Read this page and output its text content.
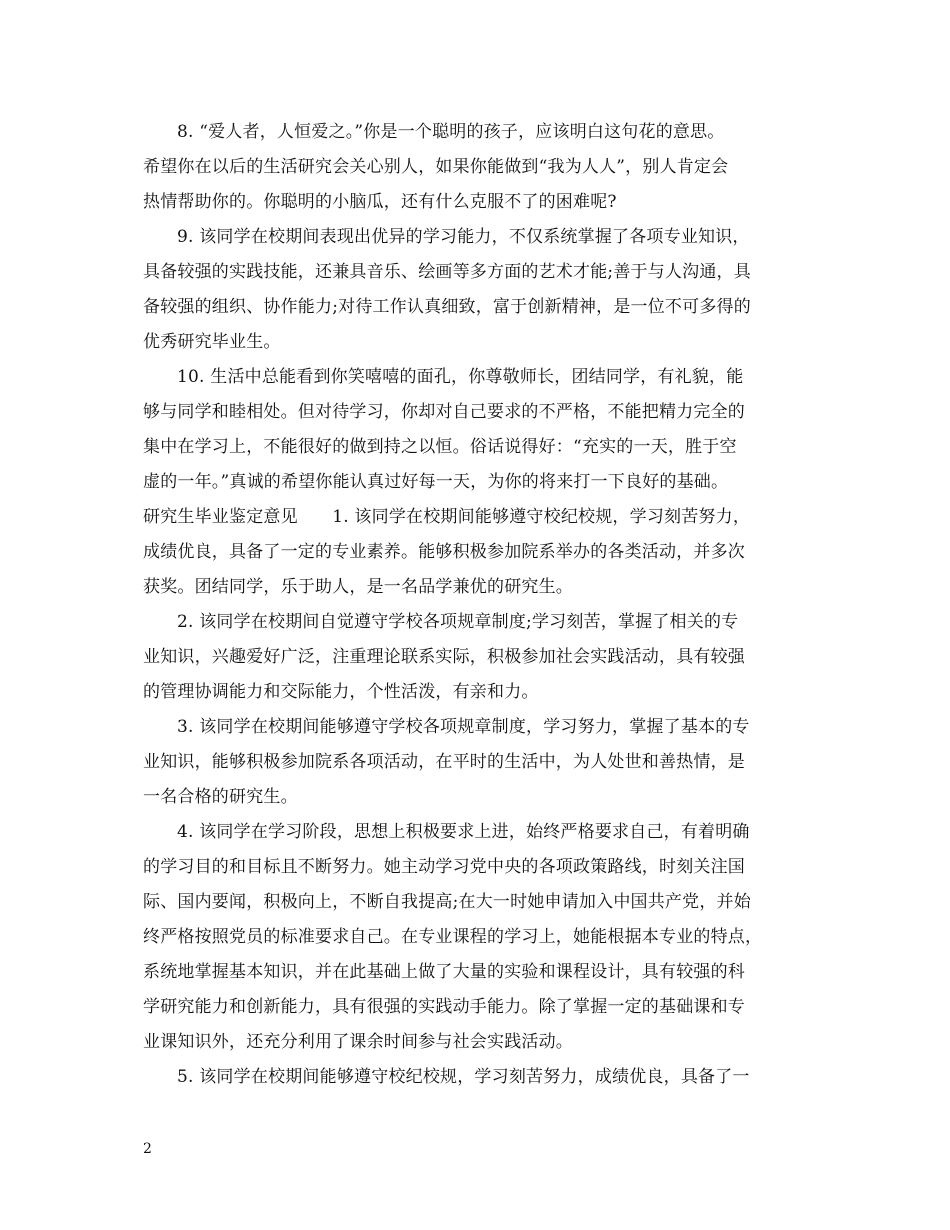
8. “爱人者，人恒爱之。”你是一个聪明的孩子，应该明白这句花的意思。
希望你在以后的生活研究会关心别人，如果你能做到“我为人人”，别人肯定会
热情帮助你的。你聪明的小脑瓜，还有什么克服不了的困难呢?
9. 该同学在校期间表现出优异的学习能力，不仅系统掌握了各项专业知识，
具备较强的实践技能，还兼具音乐、绘画等多方面的艺术才能;善于与人沟通，具
备较强的组织、协作能力;对待工作认真细致，富于创新精神，是一位不可多得的
优秀研究毕业生。
10. 生活中总能看到你笑嘻嘻的面孔，你尊敬师长，团结同学，有礼貌，能
够与同学和睦相处。但对待学习，你却对自己要求的不严格，不能把精力完全的
集中在学习上，不能很好的做到持之以恒。俗话说得好：“充实的一天，胜于空
虚的一年。”真诚的希望你能认真过好每一天，为你的将来打一下良好的基础。
研究生毕业鉴定意见　　1. 该同学在校期间能够遵守校纪校规，学习刻苦努力，
成绩优良，具备了一定的专业素养。能够积极参加院系举办的各类活动，并多次
获奖。团结同学，乐于助人，是一名品学兼优的研究生。
2. 该同学在校期间自觉遵守学校各项规章制度;学习刻苦，掌握了相关的专
业知识，兴趣爱好广泛，注重理论联系实际，积极参加社会实践活动，具有较强
的管理协调能力和交际能力，个性活泼，有亲和力。
3. 该同学在校期间能够遵守学校各项规章制度，学习努力，掌握了基本的专
业知识，能够积极参加院系各项活动，在平时的生活中，为人处世和善热情，是
一名合格的研究生。
4. 该同学在学习阶段，思想上积极要求上进，始终严格要求自己，有着明确
的学习目的和目标且不断努力。她主动学习党中央的各项政策路线，时刻关注国
际、国内要闻，积极向上，不断自我提高;在大一时她申请加入中国共产党，并始
终严格按照党员的标准要求自己。在专业课程的学习上，她能根据本专业的特点，
系统地掌握基本知识，并在此基础上做了大量的实验和课程设计，具有较强的科
学研究能力和创新能力，具有很强的实践动手能力。除了掌握一定的基础课和专
业课知识外，还充分利用了课余时间参与社会实践活动。
5. 该同学在校期间能够遵守校纪校规，学习刻苦努力，成绩优良，具备了一
2
